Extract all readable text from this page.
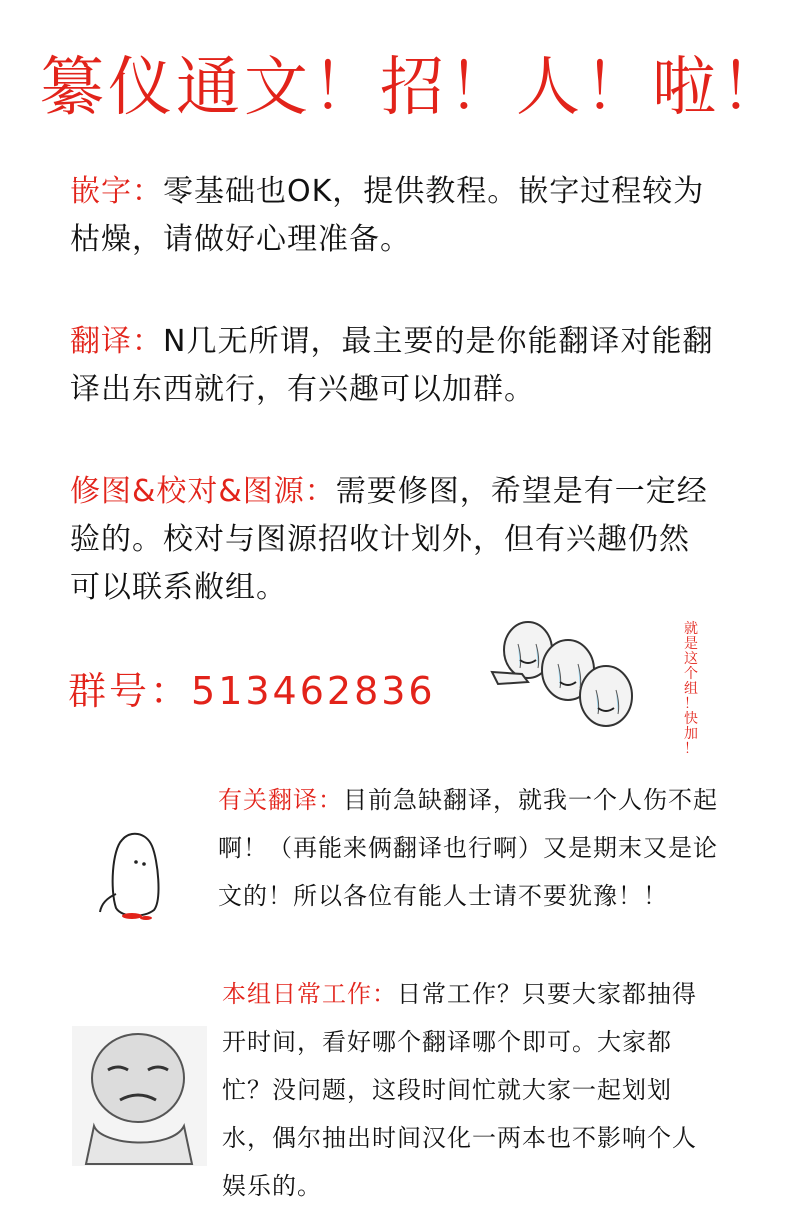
纂仪通文！招！人！啦！
嵌字：零基础也OK，提供教程。嵌字过程较为枯燥，请做好心理准备。
翻译：N几无所谓，最主要的是你能翻译对能翻译出东西就行，有兴趣可以加群。
修图&校对&图源：需要修图，希望是有一定经验的。校对与图源招收计划外，但有兴趣仍然可以联系敝组。
群号：513462836
就
是
这
个
组
！
快
加
！
有关翻译：目前急缺翻译，就我一个人伤不起啊！（再能来俩翻译也行啊）又是期末又是论文的！所以各位有能人士请不要犹豫！！
本组日常工作：日常工作？只要大家都抽得开时间，看好哪个翻译哪个即可。大家都忙？没问题，这段时间忙就大家一起划划水，偶尔抽出时间汉化一两本也不影响个人娱乐的。
